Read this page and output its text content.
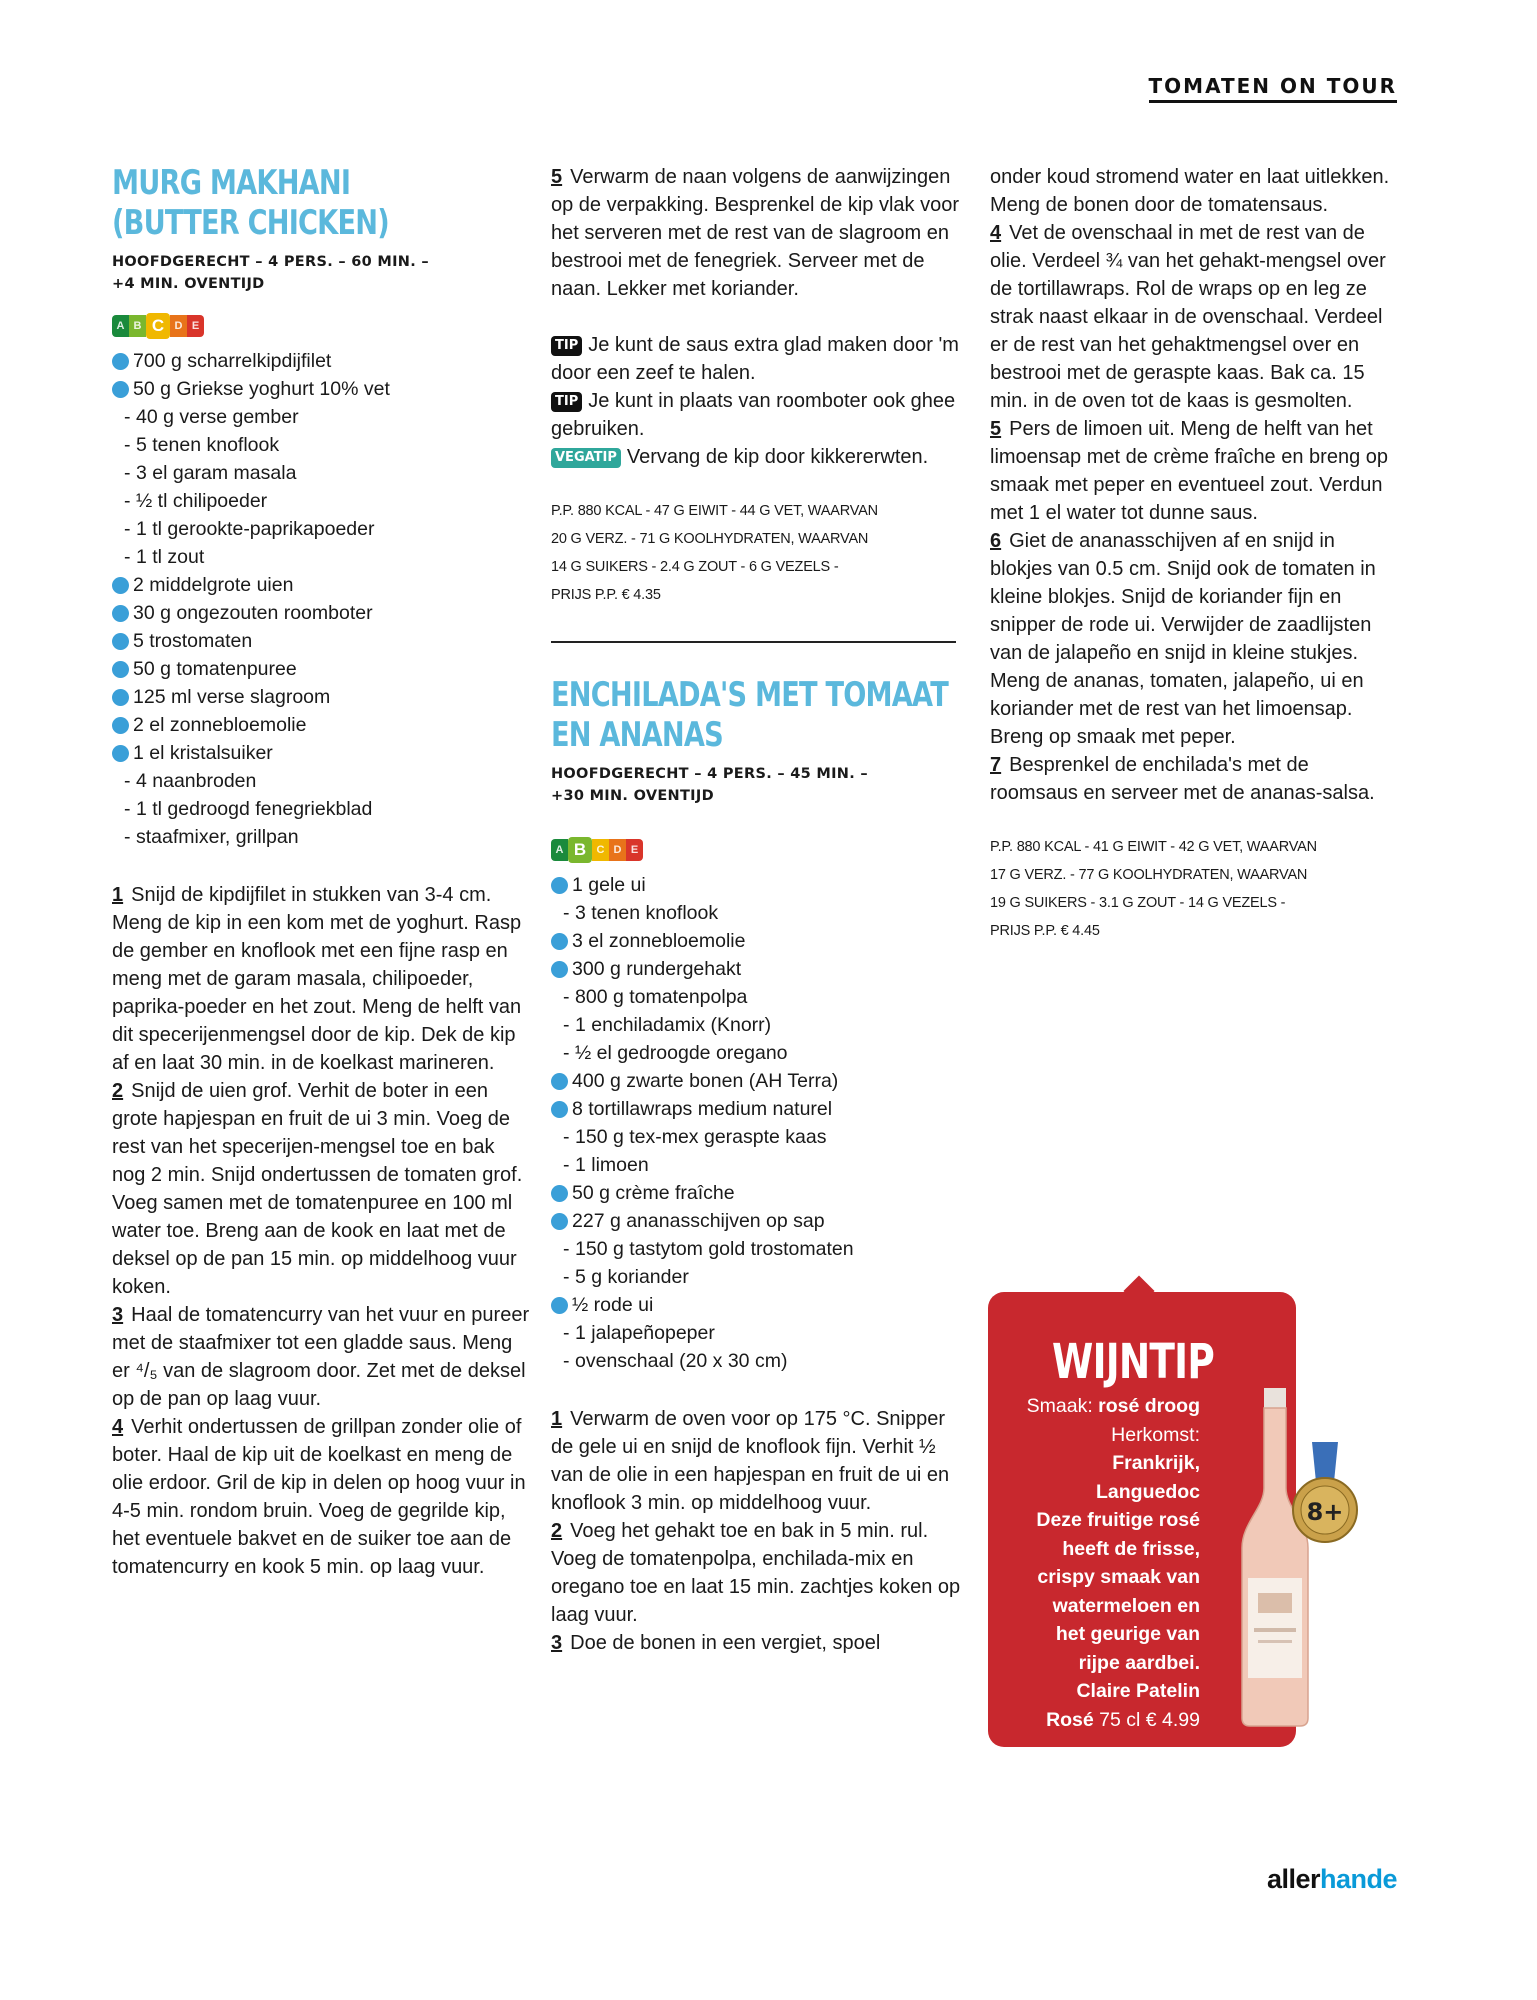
TOMATEN ON TOUR
MURG MAKHANI
(BUTTER CHICKEN)
HOOFDGERECHT – 4 PERS. – 60 MIN. –
+4 MIN. OVENTIJD
A B C D E
700 g scharrelkipdijfilet
50 g Griekse yoghurt 10% vet
- 40 g verse gember
- 5 tenen knoflook
- 3 el garam masala
- ½ tl chilipoeder
- 1 tl gerookte-paprikapoeder
- 1 tl zout
2 middelgrote uien
30 g ongezouten roomboter
5 trostomaten
50 g tomatenpuree
125 ml verse slagroom
2 el zonnebloemolie
1 el kristalsuiker
- 4 naanbroden
- 1 tl gedroogd fenegriekblad
- staafmixer, grillpan

1 Snijd de kipdijfilet in stukken van 3-4 cm. Meng de kip in een kom met de yoghurt. Rasp de gember en knoflook met een fijne rasp en meng met de garam masala, chilipoeder, paprika-poeder en het zout. Meng de helft van dit specerijenmengsel door de kip. Dek de kip af en laat 30 min. in de koelkast marineren.

2 Snijd de uien grof. Verhit de boter in een grote hapjespan en fruit de ui 3 min. Voeg de rest van het specerijen-mengsel toe en bak nog 2 min. Snijd ondertussen de tomaten grof. Voeg samen met de tomatenpuree en 100 ml water toe. Breng aan de kook en laat met de deksel op de pan 15 min. op middelhoog vuur koken.

3 Haal de tomatencurry van het vuur en pureer met de staafmixer tot een gladde saus. Meng er ⁴/₅ van de slagroom door. Zet met de deksel op de pan op laag vuur.

4 Verhit ondertussen de grillpan zonder olie of boter. Haal de kip uit de koelkast en meng de olie erdoor. Gril de kip in delen op hoog vuur in 4-5 min. rondom bruin. Voeg de gegrilde kip, het eventuele bakvet en de suiker toe aan de tomatencurry en kook 5 min. op laag vuur.

5 Verwarm de naan volgens de aanwijzingen op de verpakking. Besprenkel de kip vlak voor het serveren met de rest van de slagroom en bestrooi met de fenegriek. Serveer met de naan. Lekker met koriander.

TIP Je kunt de saus extra glad maken door 'm door een zeef te halen.

TIP Je kunt in plaats van roomboter ook ghee gebruiken.

VEGATIP Vervang de kip door kikkererwten.

P.P. 880 KCAL - 47 G EIWIT - 44 G VET, WAARVAN
20 G VERZ. - 71 G KOOLHYDRATEN, WAARVAN
14 G SUIKERS - 2.4 G ZOUT - 6 G VEZELS -
PRIJS P.P. € 4.35
ENCHILADA'S MET TOMAAT
EN ANANAS
HOOFDGERECHT – 4 PERS. – 45 MIN. –
+30 MIN. OVENTIJD
A B C D E
1 gele ui
- 3 tenen knoflook
3 el zonnebloemolie
300 g rundergehakt
- 800 g tomatenpolpa
- 1 enchiladamix (Knorr)
- ½ el gedroogde oregano
400 g zwarte bonen (AH Terra)
8 tortillawraps medium naturel
- 150 g tex-mex geraspte kaas
- 1 limoen
50 g crème fraîche
227 g ananasschijven op sap
- 150 g tastytom gold trostomaten
- 5 g koriander
½ rode ui
- 1 jalapeñopeper
- ovenschaal (20 x 30 cm)

1 Verwarm de oven voor op 175 °C. Snipper de gele ui en snijd de knoflook fijn. Verhit ½ van de olie in een hapjespan en fruit de ui en knoflook 3 min. op middelhoog vuur.

2 Voeg het gehakt toe en bak in 5 min. rul. Voeg de tomatenpolpa, enchilada-mix en oregano toe en laat 15 min. zachtjes koken op laag vuur.

3 Doe de bonen in een vergiet, spoel

onder koud stromend water en laat uitlekken. Meng de bonen door de tomatensaus.

4 Vet de ovenschaal in met de rest van de olie. Verdeel ¾ van het gehakt-mengsel over de tortillawraps. Rol de wraps op en leg ze strak naast elkaar in de ovenschaal. Verdeel er de rest van het gehaktmengsel over en bestrooi met de geraspte kaas. Bak ca. 15 min. in de oven tot de kaas is gesmolten.

5 Pers de limoen uit. Meng de helft van het limoensap met de crème fraîche en breng op smaak met peper en eventueel zout. Verdun met 1 el water tot dunne saus.

6 Giet de ananasschijven af en snijd in blokjes van 0.5 cm. Snijd ook de tomaten in kleine blokjes. Snijd de koriander fijn en snipper de rode ui. Verwijder de zaadlijsten van de jalapeño en snijd in kleine stukjes. Meng de ananas, tomaten, jalapeño, ui en koriander met de rest van het limoensap. Breng op smaak met peper.

7 Besprenkel de enchilada's met de roomsaus en serveer met de ananas-salsa.

P.P. 880 KCAL - 41 G EIWIT - 42 G VET, WAARVAN
17 G VERZ. - 77 G KOOLHYDRATEN, WAARVAN
19 G SUIKERS - 3.1 G ZOUT - 14 G VEZELS -
PRIJS P.P. € 4.45
WIJNTIP
Smaak: rosé droog
Herkomst:
Frankrijk,
Languedoc
Deze fruitige rosé
heeft de frisse,
crispy smaak van
watermeloen en
het geurige van
rijpe aardbei.
Claire Patelin
Rosé 75 cl € 4.99
8+
allerhande
